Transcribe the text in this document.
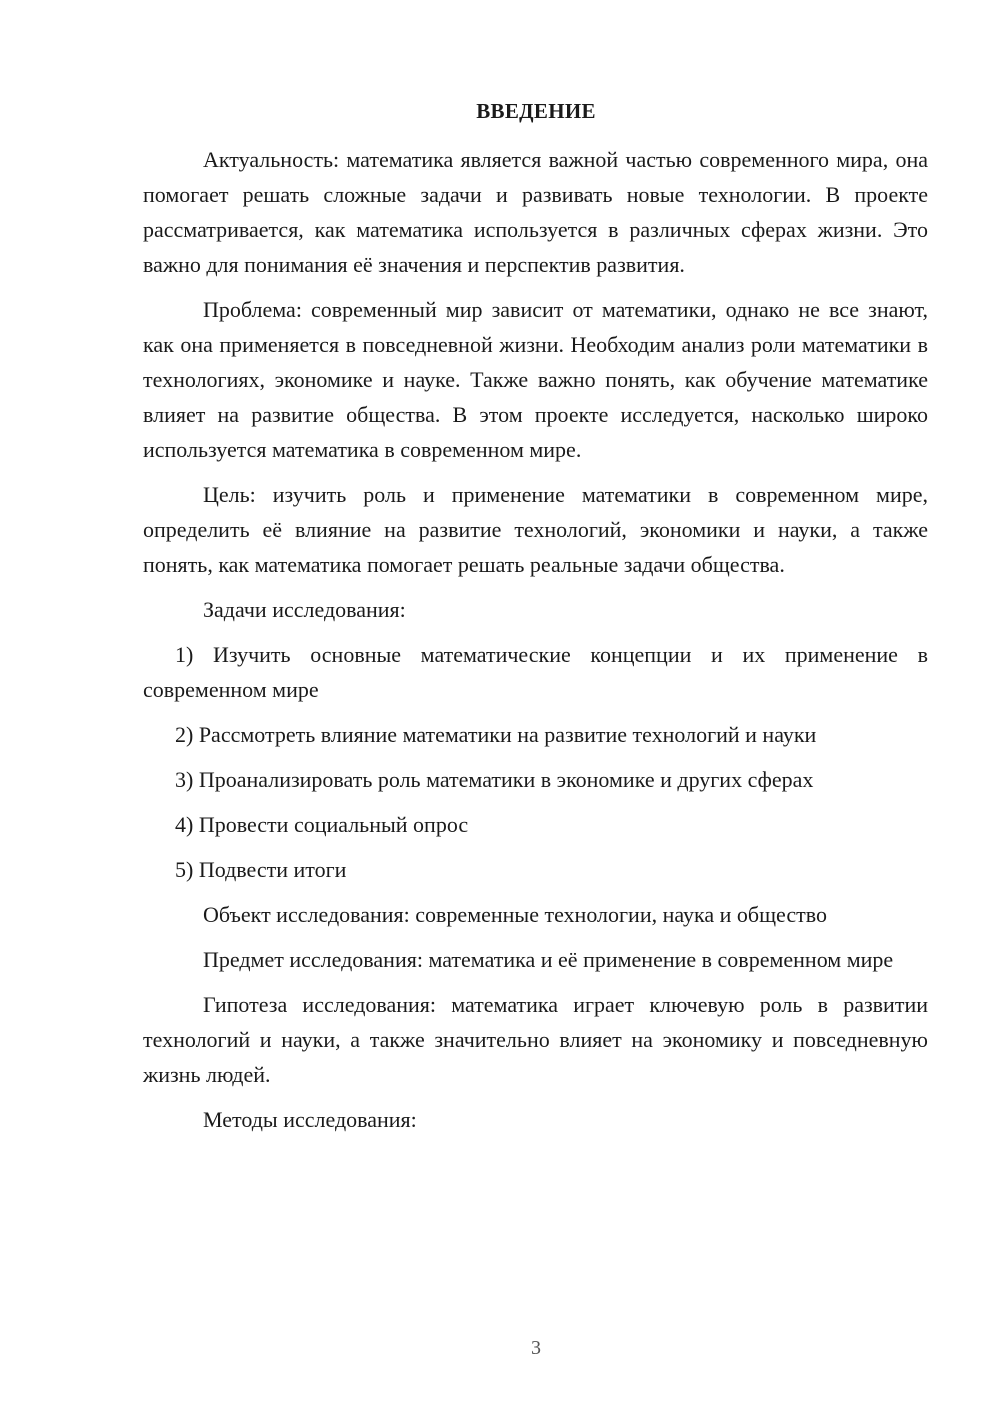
ВВЕДЕНИЕ

Актуальность: математика является важной частью современного мира, она помогает решать сложные задачи и развивать новые технологии. В проекте рассматривается, как математика используется в различных сферах жизни. Это важно для понимания её значения и перспектив развития.

Проблема: современный мир зависит от математики, однако не все знают, как она применяется в повседневной жизни. Необходим анализ роли математики в технологиях, экономике и науке. Также важно понять, как обучение математике влияет на развитие общества. В этом проекте исследуется, насколько широко используется математика в современном мире.

Цель: изучить роль и применение математики в современном мире, определить её влияние на развитие технологий, экономики и науки, а также понять, как математика помогает решать реальные задачи общества.

Задачи исследования:

1) Изучить основные математические концепции и их применение в современном мире

2) Рассмотреть влияние математики на развитие технологий и науки

3) Проанализировать роль математики в экономике и других сферах

4) Провести социальный опрос

5) Подвести итоги

Объект исследования: современные технологии, наука и общество

Предмет исследования: математика и её применение в современном мире

Гипотеза исследования: математика играет ключевую роль в развитии технологий и науки, а также значительно влияет на экономику и повседневную жизнь людей.

Методы исследования:

3
